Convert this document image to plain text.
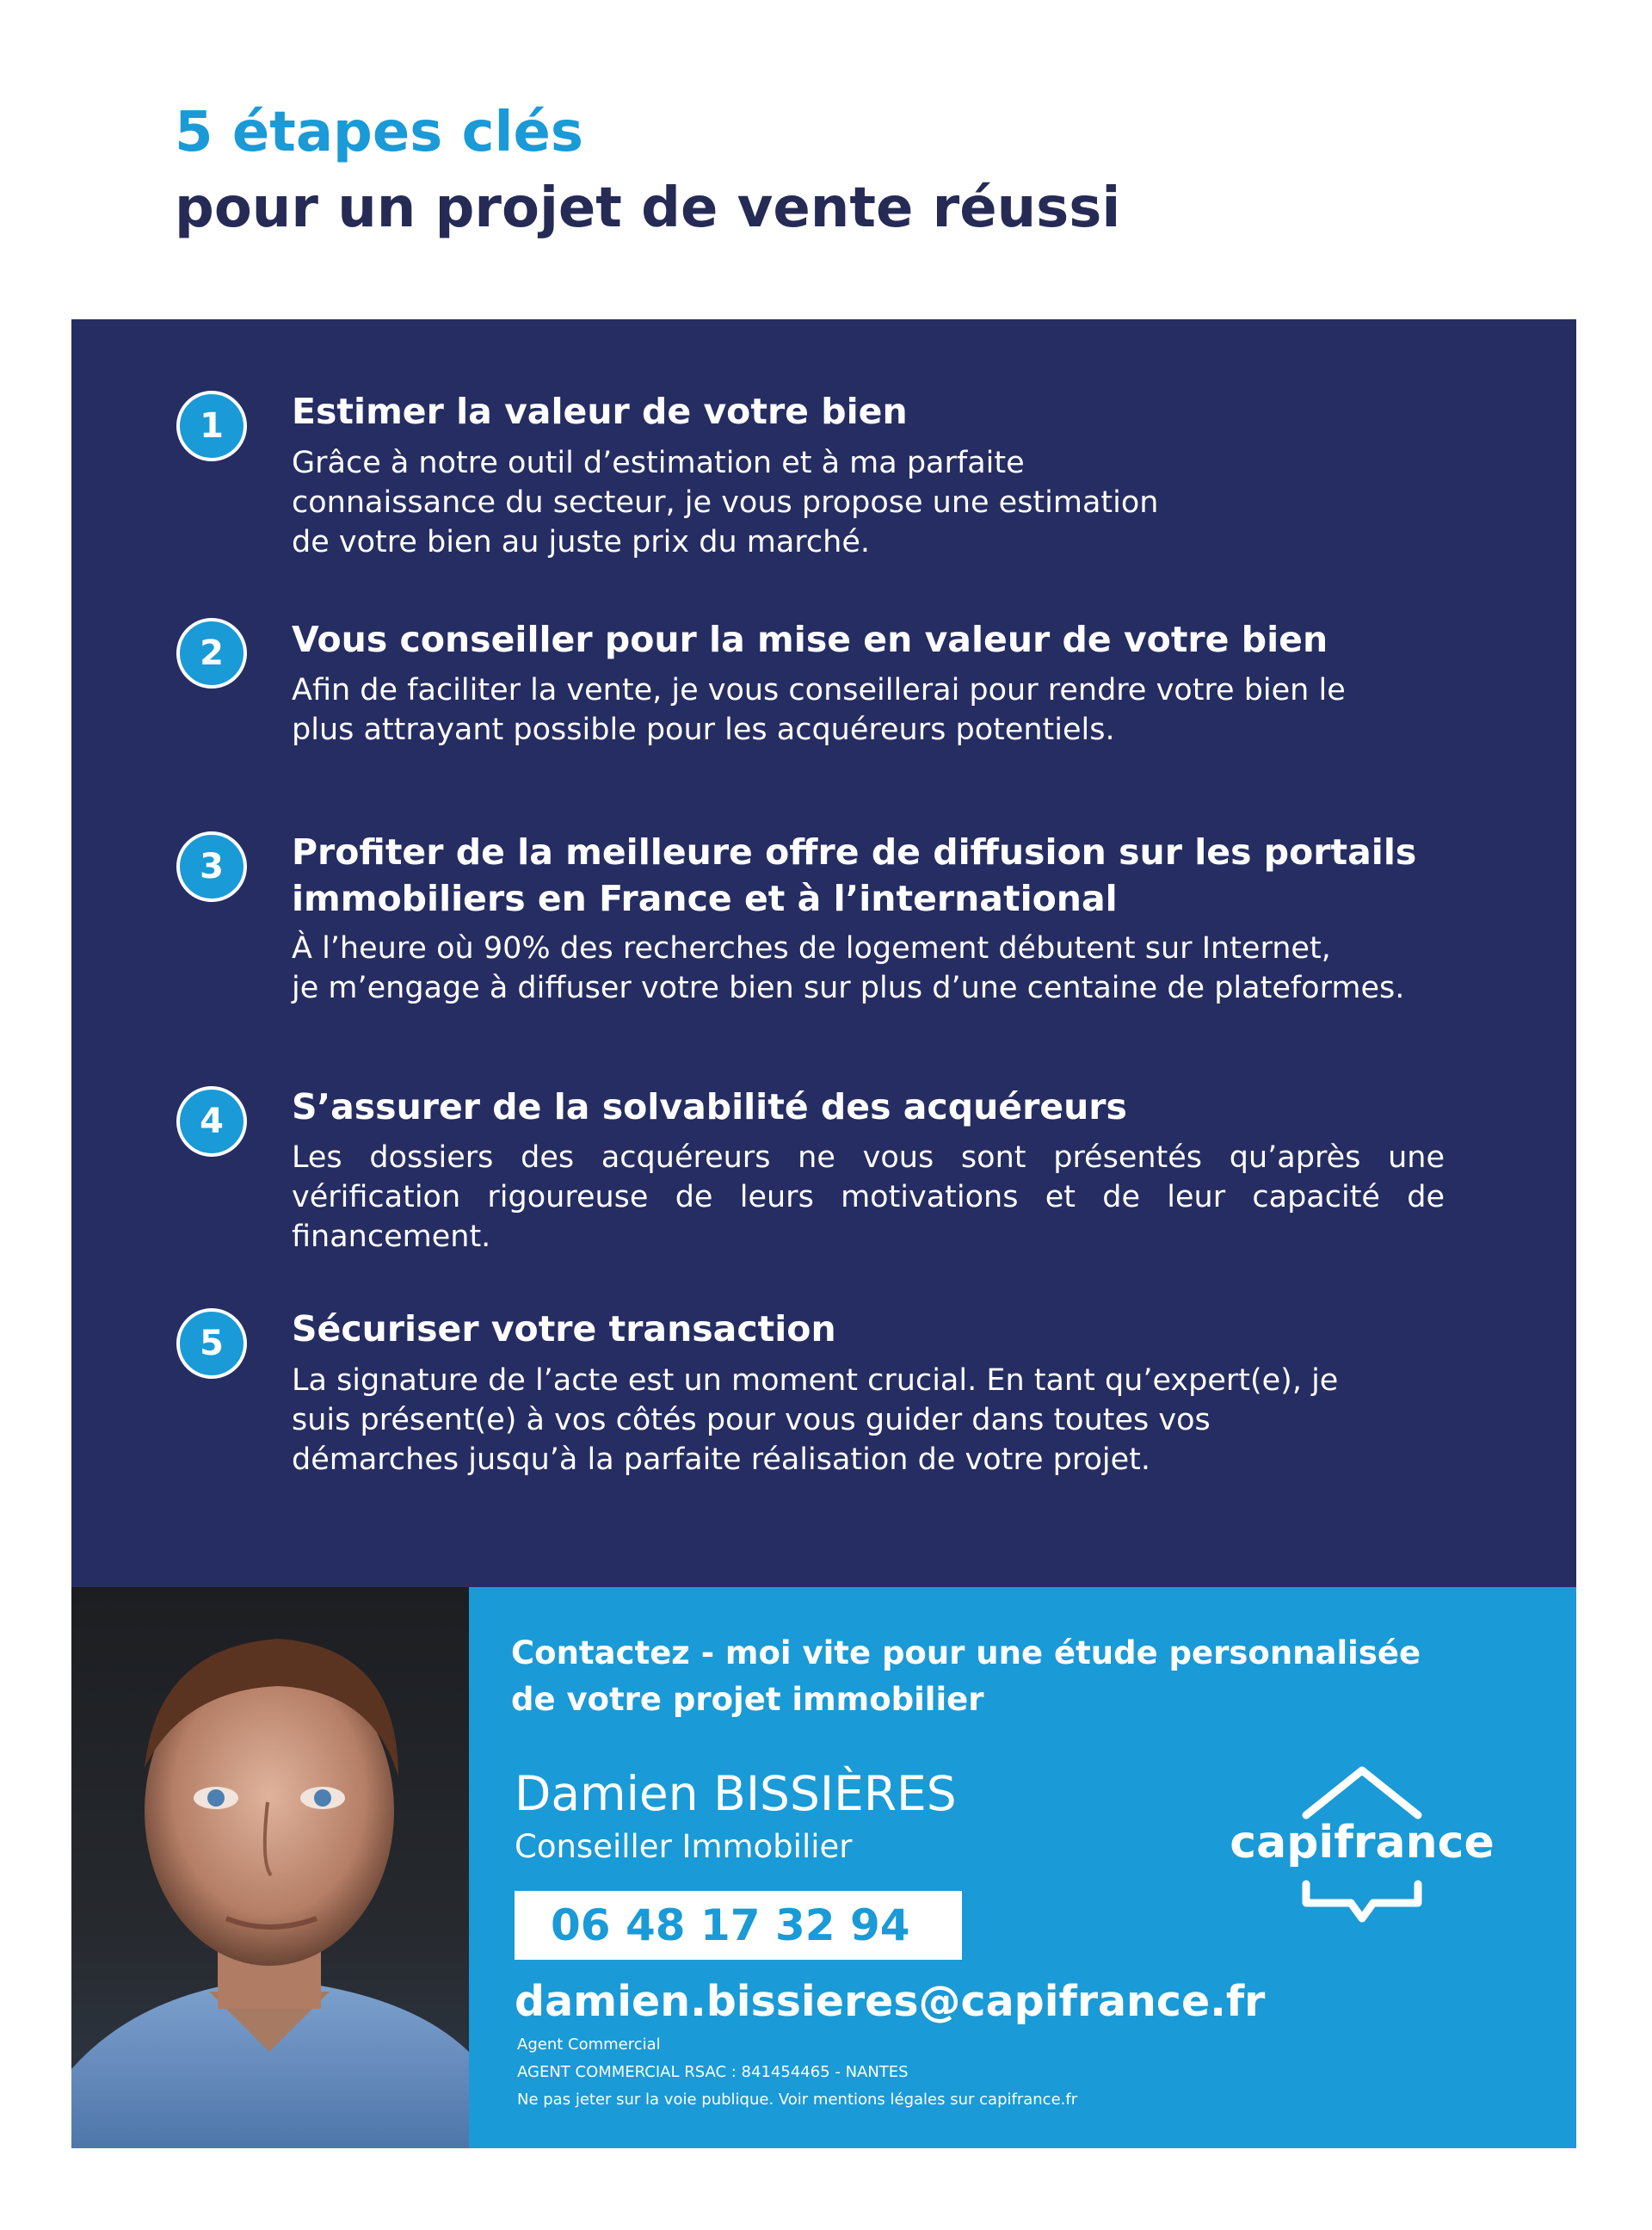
5 étapes clés
pour un projet de vente réussi
1	Estimer la valeur de votre bien
Grâce à notre outil d’estimation et à ma parfaite
connaissance du secteur, je vous propose une estimation
de votre bien au juste prix du marché.
2	Vous conseiller pour la mise en valeur de votre bien
Afin de faciliter la vente, je vous conseillerai pour rendre votre bien le
plus attrayant possible pour les acquéreurs potentiels.
3	Profiter de la meilleure offre de diffusion sur les portails immobiliers en France et à l’international
À l’heure où 90% des recherches de logement débutent sur Internet,
je m’engage à diffuser votre bien sur plus d’une centaine de plateformes.
4	S’assurer de la solvabilité des acquéreurs
Les dossiers des acquéreurs ne vous sont présentés qu’après une
vérification rigoureuse de leurs motivations et de leur capacité de
financement.
5	Sécuriser votre transaction
La signature de l’acte est un moment crucial. En tant qu’expert(e), je
suis présent(e) à vos côtés pour vous guider dans toutes vos
démarches jusqu’à la parfaite réalisation de votre projet.
Contactez - moi vite pour une étude personnalisée
de votre projet immobilier
Damien BISSIÈRES
Conseiller Immobilier
06 48 17 32 94
damien.bissieres@capifrance.fr
Agent Commercial
AGENT COMMERCIAL RSAC : 841454465 - NANTES
Ne pas jeter sur la voie publique. Voir mentions légales sur capifrance.fr
capifrance
